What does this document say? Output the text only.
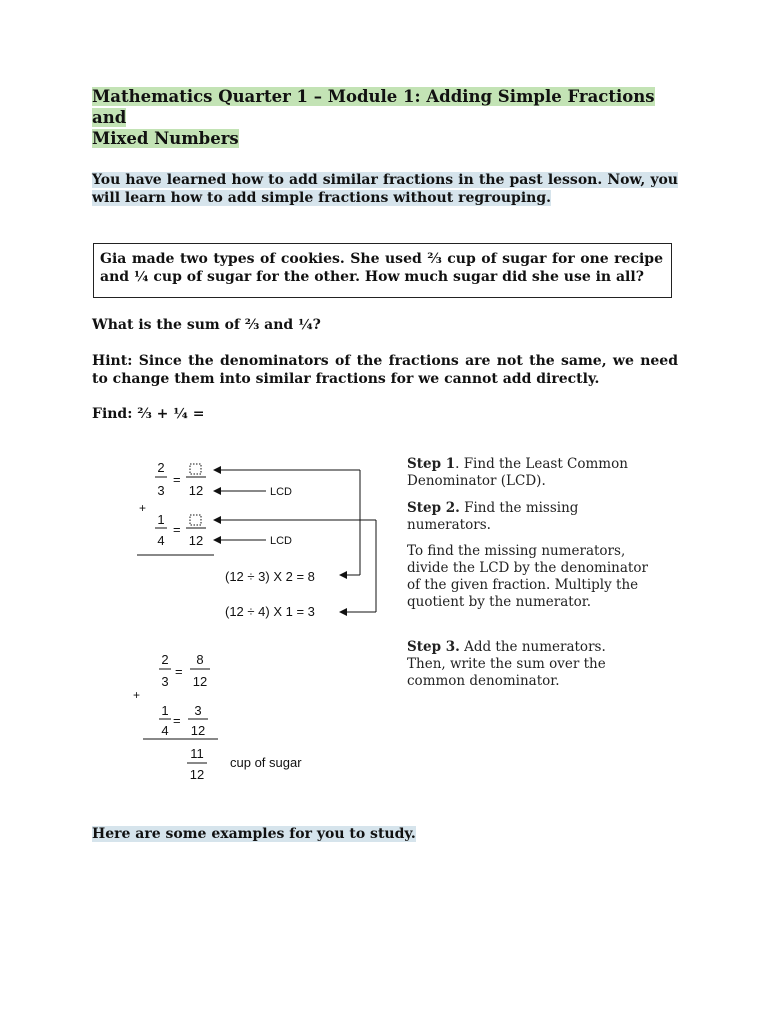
Mathematics Quarter 1 – Module 1: Adding Simple Fractions and
Mixed Numbers
You have learned how to add similar fractions in the past lesson. Now, you will learn how to add simple fractions without regrouping.
Gia made two types of cookies. She used ⅔ cup of sugar for one recipe and ¼ cup of sugar for the other. How much sugar did she use in all?
What is the sum of ⅔ and ¼?
Hint: Since the denominators of the fractions are not the same, we need to change them into similar fractions for we cannot add directly.
Find: ⅔ + ¼ =
2
3
=
12	LCD
+
1
4
=
12	LCD
(12 ÷ 3) X 2 = 8
(12 ÷ 4) X 1 = 3
2
3
=
8
12
+
1
4
=
3
12
11
12
cup of sugar
Step 1. Find the Least Common Denominator (LCD).
Step 2. Find the missing numerators.
To find the missing numerators, divide the LCD by the denominator of the given fraction. Multiply the quotient by the numerator.
Step 3. Add the numerators. Then, write the sum over the common denominator.
Here are some examples for you to study.
